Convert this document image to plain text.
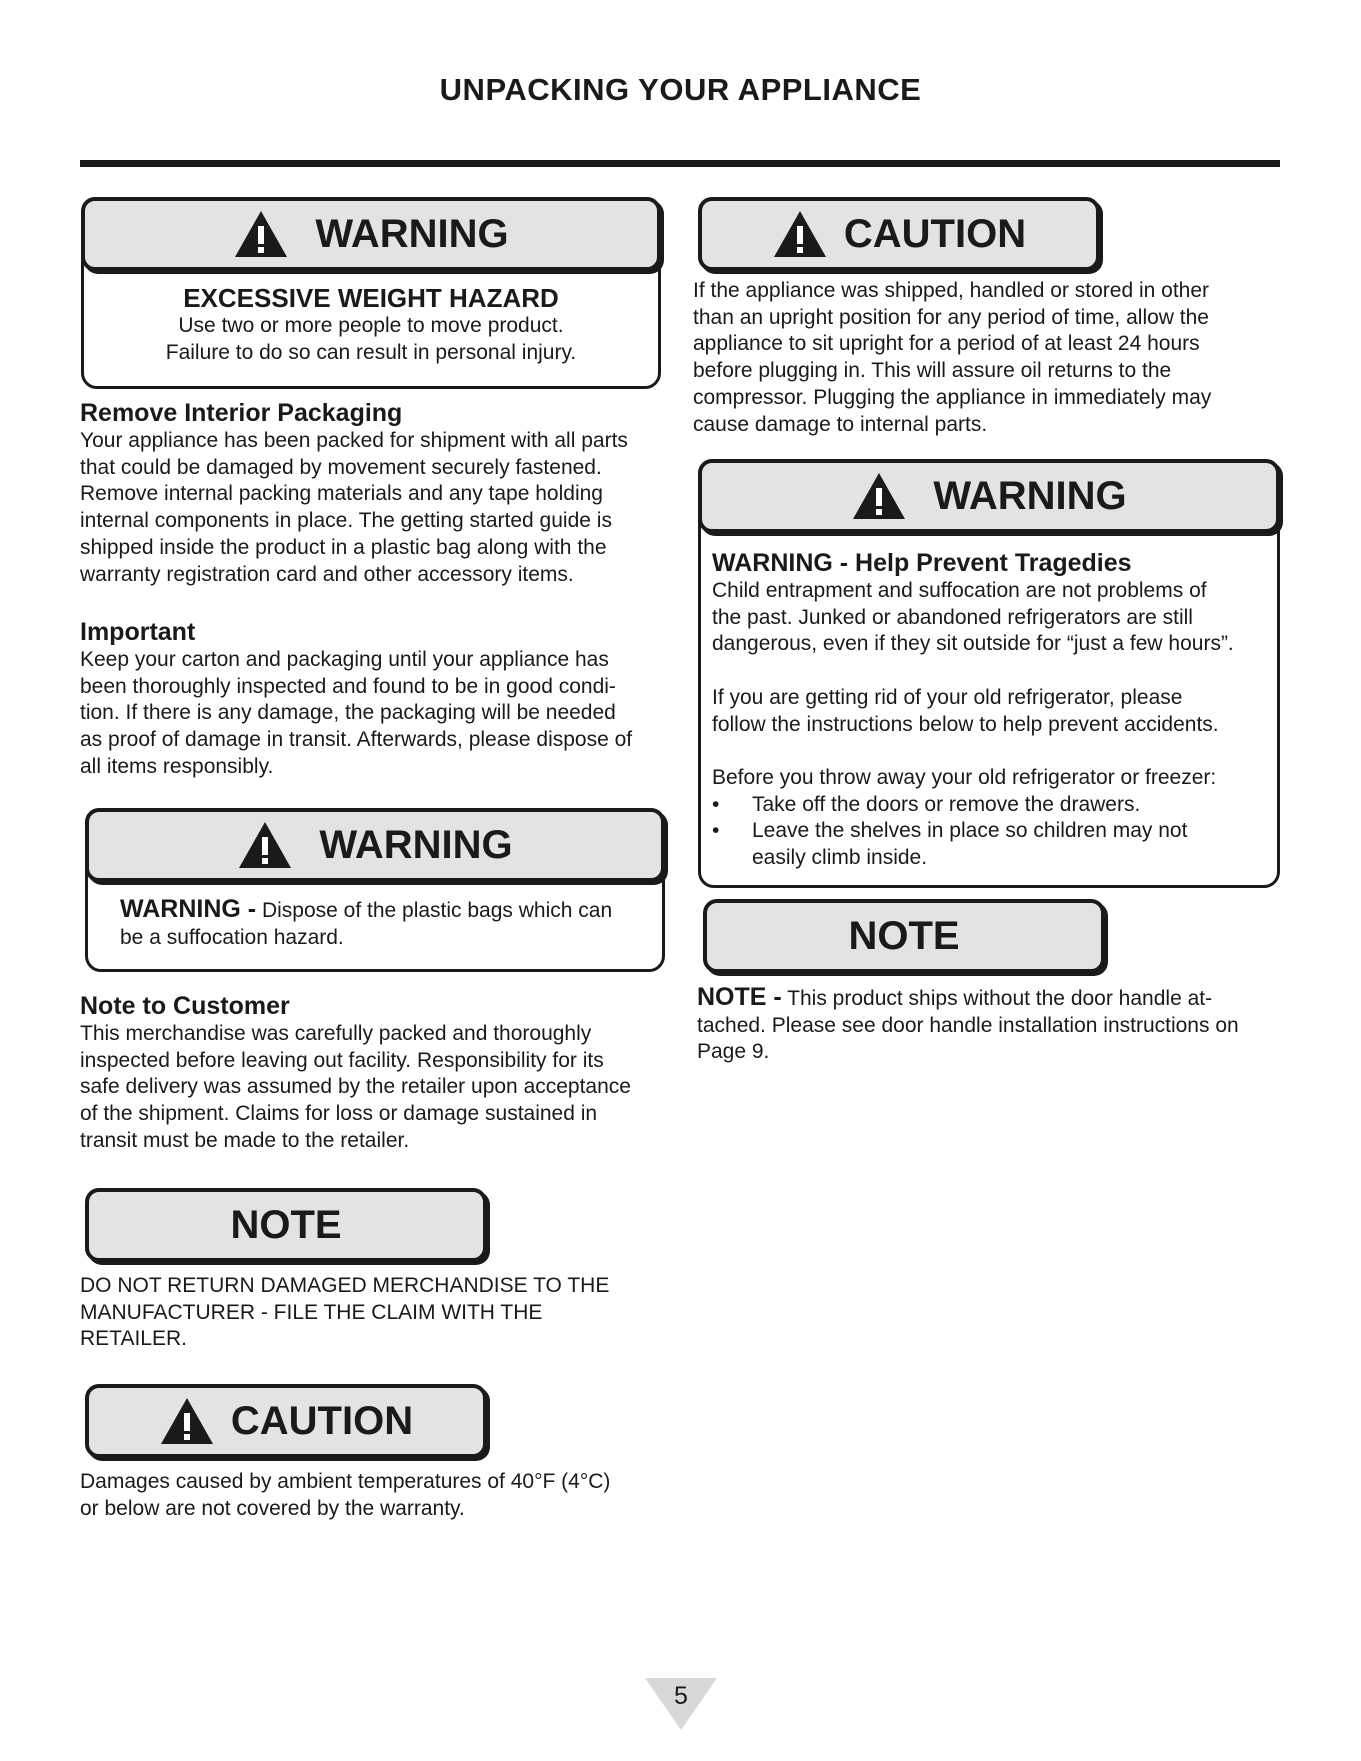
UNPACKING YOUR APPLIANCE
WARNING
EXCESSIVE WEIGHT HAZARD
Use two or more people to move product.
Failure to do so can result in personal injury.
Remove Interior Packaging
Your appliance has been packed for shipment with all parts
that could be damaged by movement securely fastened.
Remove internal packing materials and any tape holding
internal components in place. The getting started guide is
shipped inside the product in a plastic bag along with the
warranty registration card and other accessory items.
Important
Keep your carton and packaging until your appliance has
been thoroughly inspected and found to be in good condi-
tion. If there is any damage, the packaging will be needed
as proof of damage in transit. Afterwards, please dispose of
all items responsibly.
WARNING
WARNING - Dispose of the plastic bags which can
be a suffocation hazard.
Note to Customer
This merchandise was carefully packed and thoroughly
inspected before leaving out facility. Responsibility for its
safe delivery was assumed by the retailer upon acceptance
of the shipment. Claims for loss or damage sustained in
transit must be made to the retailer.
NOTE
DO NOT RETURN DAMAGED MERCHANDISE TO THE
MANUFACTURER - FILE THE CLAIM WITH THE
RETAILER.
CAUTION
Damages caused by ambient temperatures of 40°F (4°C)
or below are not covered by the warranty.
CAUTION
If the appliance was shipped, handled or stored in other
than an upright position for any period of time, allow the
appliance to sit upright for a period of at least 24 hours
before plugging in. This will assure oil returns to the
compressor. Plugging the appliance in immediately may
cause damage to internal parts.
WARNING
WARNING - Help Prevent Tragedies
Child entrapment and suffocation are not problems of
the past. Junked or abandoned refrigerators are still
dangerous, even if they sit outside for “just a few hours”.
If you are getting rid of your old refrigerator, please
follow the instructions below to help prevent accidents.
Before you throw away your old refrigerator or freezer:
•	Take off the doors or remove the drawers.
•	Leave the shelves in place so children may not
easily climb inside.
NOTE
NOTE - This product ships without the door handle at-
tached. Please see door handle installation instructions on
Page 9.
5
